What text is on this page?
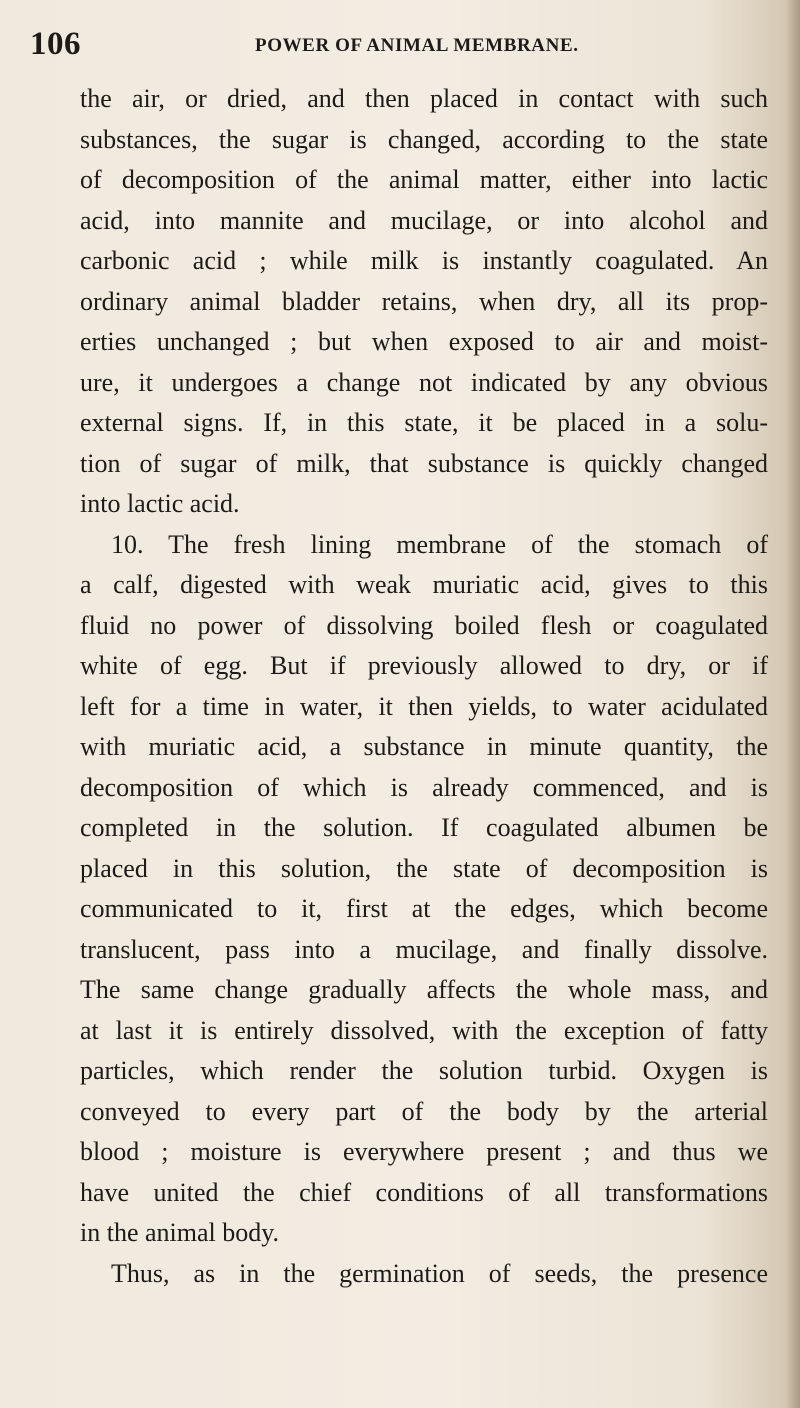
106	POWER OF ANIMAL MEMBRANE.
the air, or dried, and then placed in contact with such
substances, the sugar is changed, according to the state
of decomposition of the animal matter, either into lactic
acid, into mannite and mucilage, or into alcohol and
carbonic acid ; while milk is instantly coagulated. An
ordinary animal bladder retains, when dry, all its prop-
erties unchanged ; but when exposed to air and moist-
ure, it undergoes a change not indicated by any obvious
external signs. If, in this state, it be placed in a solu-
tion of sugar of milk, that substance is quickly changed
into lactic acid.
10. The fresh lining membrane of the stomach of
a calf, digested with weak muriatic acid, gives to this
fluid no power of dissolving boiled flesh or coagulated
white of egg. But if previously allowed to dry, or if
left for a time in water, it then yields, to water acidulated
with muriatic acid, a substance in minute quantity, the
decomposition of which is already commenced, and is
completed in the solution. If coagulated albumen be
placed in this solution, the state of decomposition is
communicated to it, first at the edges, which become
translucent, pass into a mucilage, and finally dissolve.
The same change gradually affects the whole mass, and
at last it is entirely dissolved, with the exception of fatty
particles, which render the solution turbid. Oxygen is
conveyed to every part of the body by the arterial
blood ; moisture is everywhere present ; and thus we
have united the chief conditions of all transformations
in the animal body.
Thus, as in the germination of seeds, the presence
